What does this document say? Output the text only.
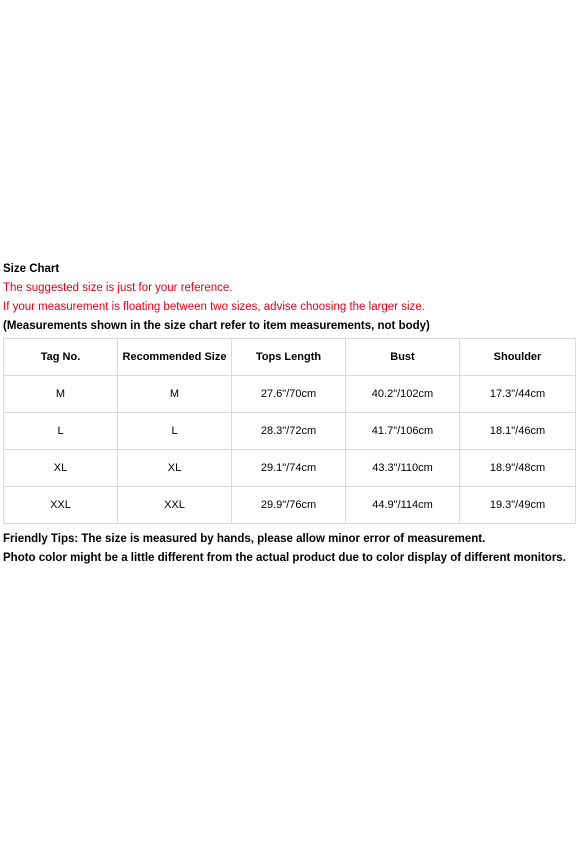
Size Chart
The suggested size is just for your reference.
If your measurement is floating between two sizes, advise choosing the larger size.
(Measurements shown in the size chart refer to item measurements, not body)
Tag No.	Recommended Size	Tops Length	Bust	Shoulder
M	M	27.6"/70cm	40.2"/102cm	17.3"/44cm
L	L	28.3"/72cm	41.7"/106cm	18.1"/46cm
XL	XL	29.1"/74cm	43.3"/110cm	18.9"/48cm
XXL	XXL	29.9"/76cm	44.9"/114cm	19.3"/49cm
Friendly Tips: The size is measured by hands, please allow minor error of measurement.
Photo color might be a little different from the actual product due to color display of different monitors.
